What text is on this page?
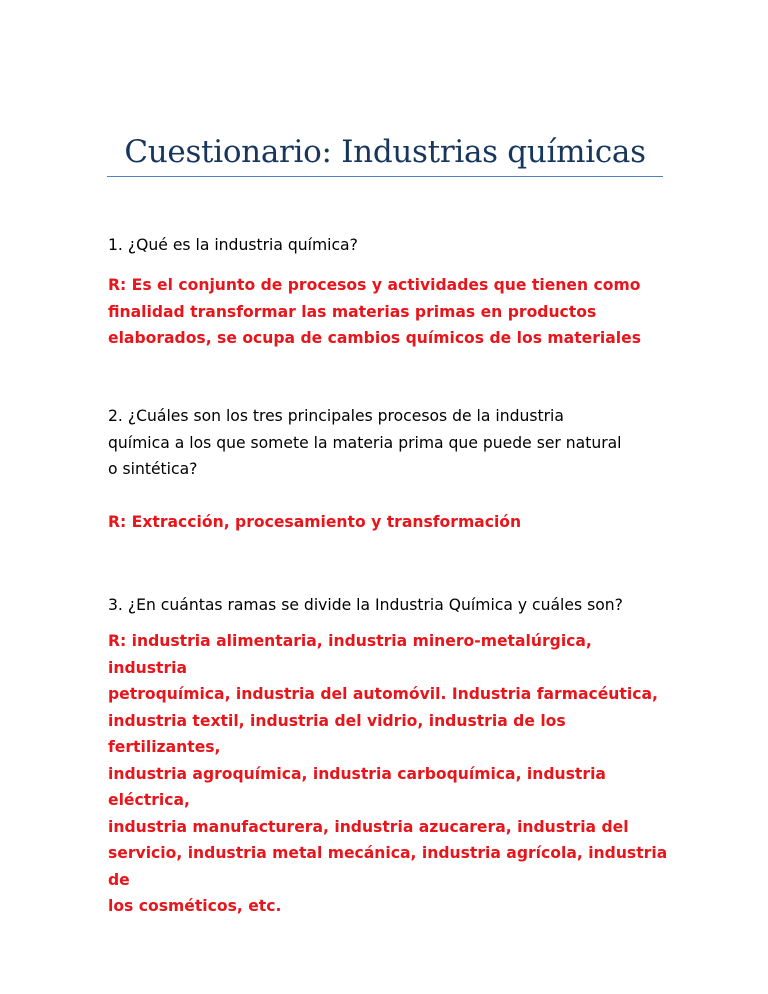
Cuestionario: Industrias químicas

1. ¿Qué es la industria química?

R: Es el conjunto de procesos y actividades que tienen como
finalidad transformar las materias primas en productos
elaborados, se ocupa de cambios químicos de los materiales

2. ¿Cuáles son los tres principales procesos de la industria
química a los que somete la materia prima que puede ser natural
o sintética?

R: Extracción, procesamiento y transformación

3. ¿En cuántas ramas se divide la Industria Química y cuáles son?

R: industria alimentaria, industria minero-metalúrgica, industria
petroquímica, industria del automóvil. Industria farmacéutica,
industria textil, industria del vidrio, industria de los fertilizantes,
industria agroquímica, industria carboquímica, industria eléctrica,
industria manufacturera, industria azucarera, industria del
servicio, industria metal mecánica, industria agrícola, industria de
los cosméticos, etc.
